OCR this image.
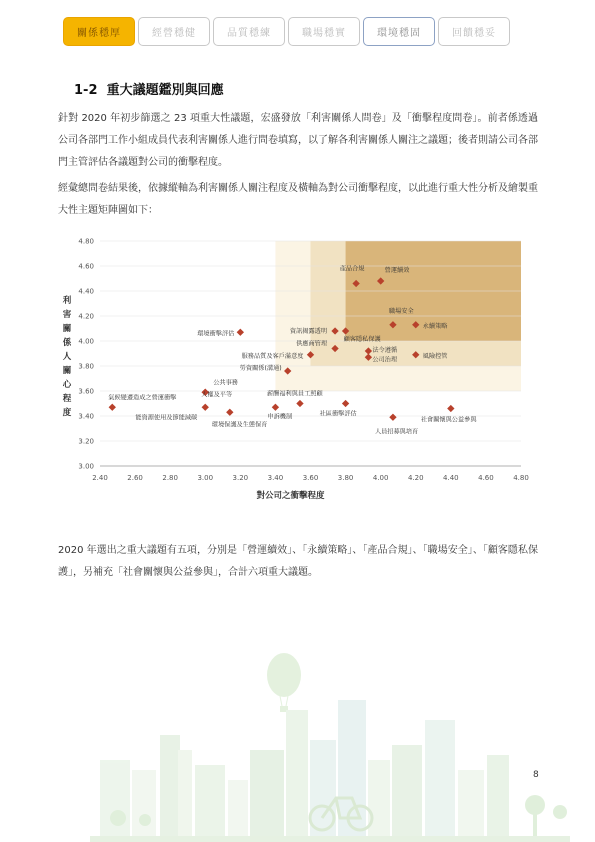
關係穩厚	經營穩健	品質穩練	職場穩實	環境穩固	回饋穩妥
1-2 重大議題鑑別與回應

針對 2020 年初步篩選之 23 項重大性議題，宏盛發放「利害關係人問卷」及「衝擊程度問卷」。前者係透過公司各部門工作小組成員代表利害關係人進行問卷填寫，以了解各利害關係人關注之議題；後者則請公司各部門主管評估各議題對公司的衝擊程度。

經彙總問卷結果後，依據縱軸為利害關係人關注程度及橫軸為對公司衝擊程度，以此進行重大性分析及繪製重大性主題矩陣圖如下：

2.40	2.60	2.80	3.00	3.20	3.40	3.60	3.80	4.00	4.20	4.40	4.60	4.80
3.00
3.20
3.40
3.60
3.80
4.00
4.20
4.40
4.60
4.80
對公司之衝擊程度
利
害
關
係
人
關
心
程
度
產品合規	營運續效
職場安全
永續策略
環境衝擊評估	資訊揭露透明
顧客隱私保護
供應商管理
服務品質及客戶滿意度
法令遵循
公司治理	風險控管
勞資關係(溝通)
公共事務
人權及平等
氣候變遷造成之營運衝擊
薪酬福利與員工照顧
能資源使用及節能減碳	申訴機制
環境保護及生態保育
社區衝擊評估
社會關懷與公益參與
人員招募與培育

2020 年選出之重大議題有五項，分別是「營運續效」、「永續策略」、「產品合規」、「職場安全」、「顧客隱私保護」，另補充「社會關懷與公益參與」，合計六項重大議題。

8
